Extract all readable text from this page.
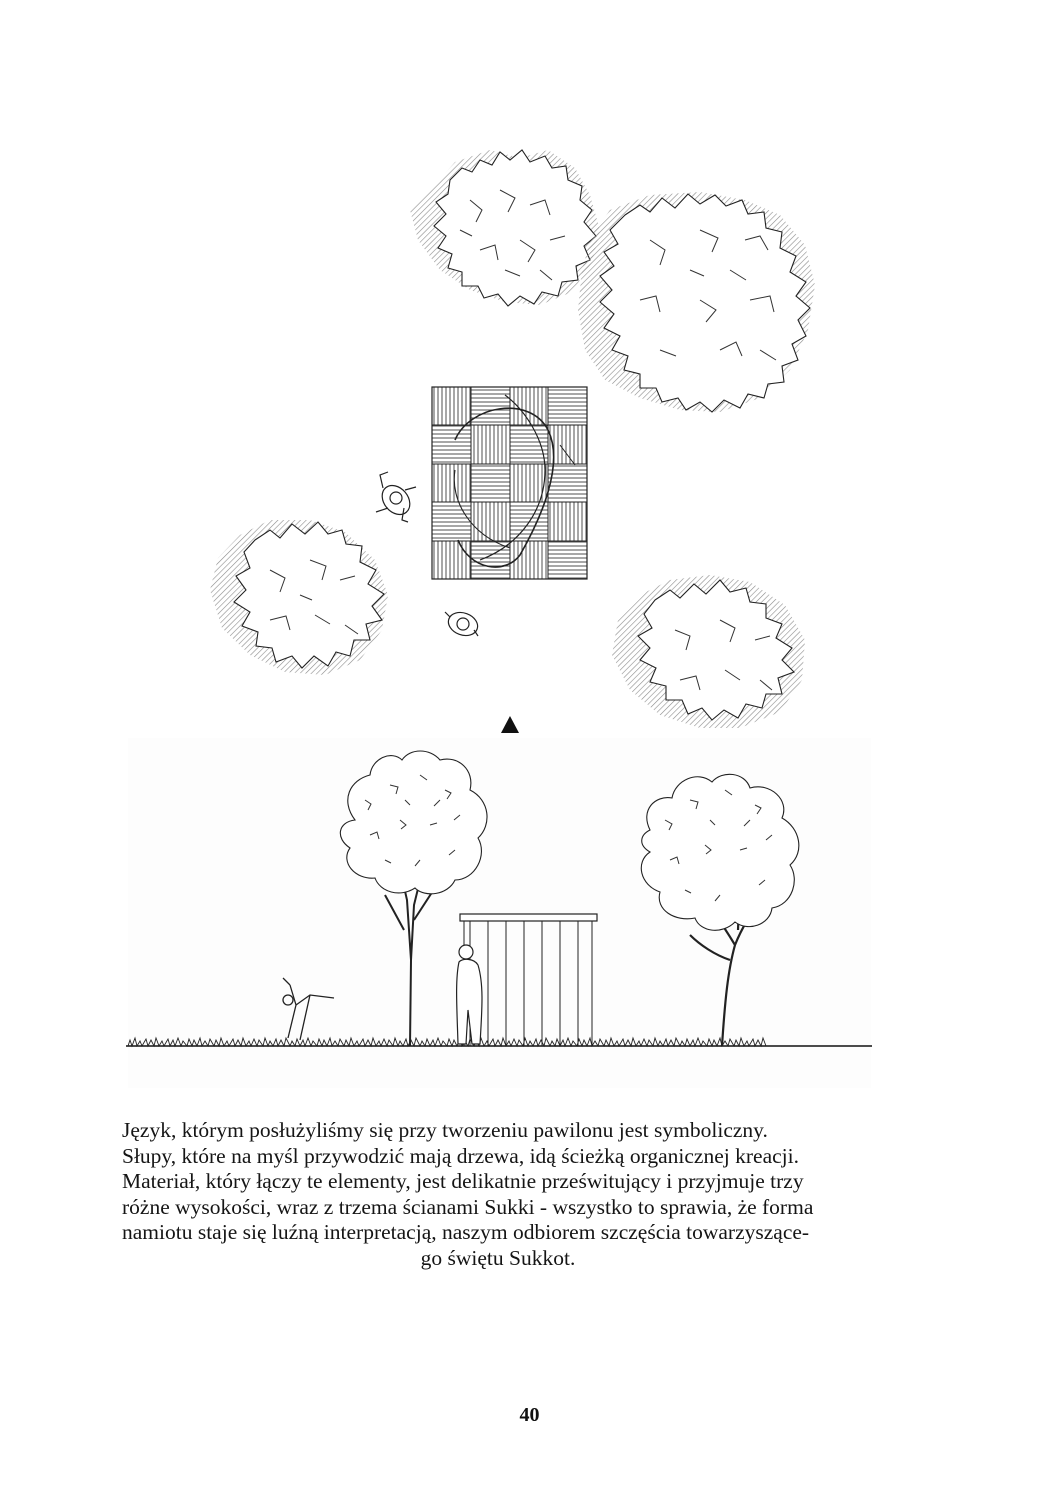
Język, którym posłużyliśmy się przy tworzeniu pawilonu jest symboliczny.

Słupy, które na myśl przywodzić mają drzewa, idą ścieżką organicznej kreacji.

Materiał, który łączy te elementy, jest delikatnie prześwitujący i przyjmuje trzy

różne wysokości, wraz z trzema ścianami Sukki - wszystko to sprawia, że forma

namiotu staje się luźną interpretacją, naszym odbiorem szczęścia towarzyszące-

go świętu Sukkot.

40
